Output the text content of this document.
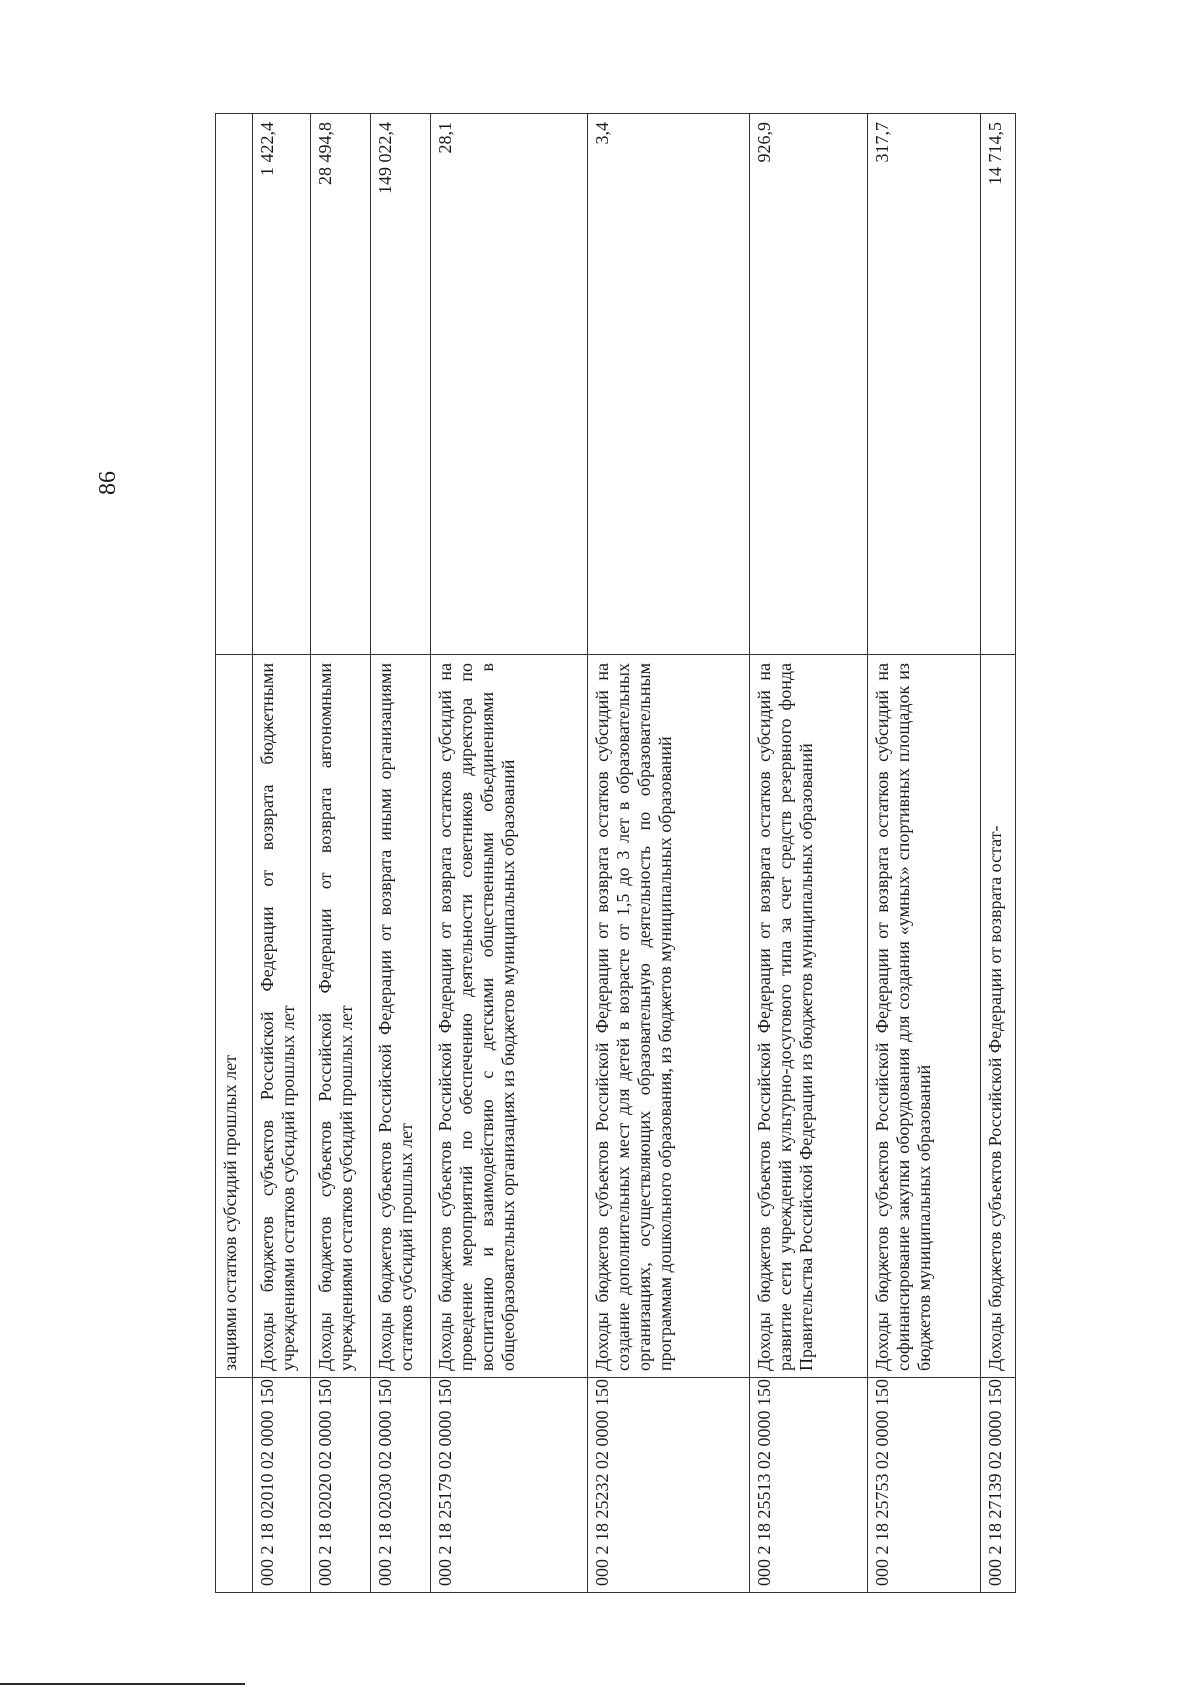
86
	зациями остатков субсидий прошлых лет	
000 2 18 02010 02 0000 150	Доходы бюджетов субъектов Российской Федерации от возврата бюджетными учреждениями остатков субсидий прошлых лет	1 422,4
000 2 18 02020 02 0000 150	Доходы бюджетов субъектов Российской Федерации от возврата автономными учреждениями остатков субсидий прошлых лет	28 494,8
000 2 18 02030 02 0000 150	Доходы бюджетов субъектов Российской Федерации от возврата иными организациями остатков субсидий прошлых лет	149 022,4
000 2 18 25179 02 0000 150	Доходы бюджетов субъектов Российской Федерации от возврата остатков субсидий на проведение мероприятий по обеспечению деятельности советников директора по воспитанию и взаимодействию с детскими общественными объединениями в общеобразовательных организациях из бюджетов муниципальных образований	28,1
000 2 18 25232 02 0000 150	Доходы бюджетов субъектов Российской Федерации от возврата остатков субсидий на создание дополнительных мест для детей в возрасте от 1,5 до 3 лет в образовательных организациях, осуществляющих образовательную деятельность по образовательным программам дошкольного образования, из бюджетов муниципальных образований	3,4
000 2 18 25513 02 0000 150	Доходы бюджетов субъектов Российской Федерации от возврата остатков субсидий на развитие сети учреждений культурно-досугового типа за счет средств резервного фонда Правительства Российской Федерации из бюджетов муниципальных образований	926,9
000 2 18 25753 02 0000 150	Доходы бюджетов субъектов Российской Федерации от возврата остатков субсидий на софинансирование закупки оборудования для создания «умных» спортивных площадок из бюджетов муниципальных образований	317,7
000 2 18 27139 02 0000 150	Доходы бюджетов субъектов Российской Федерации от возврата остат-	14 714,5
